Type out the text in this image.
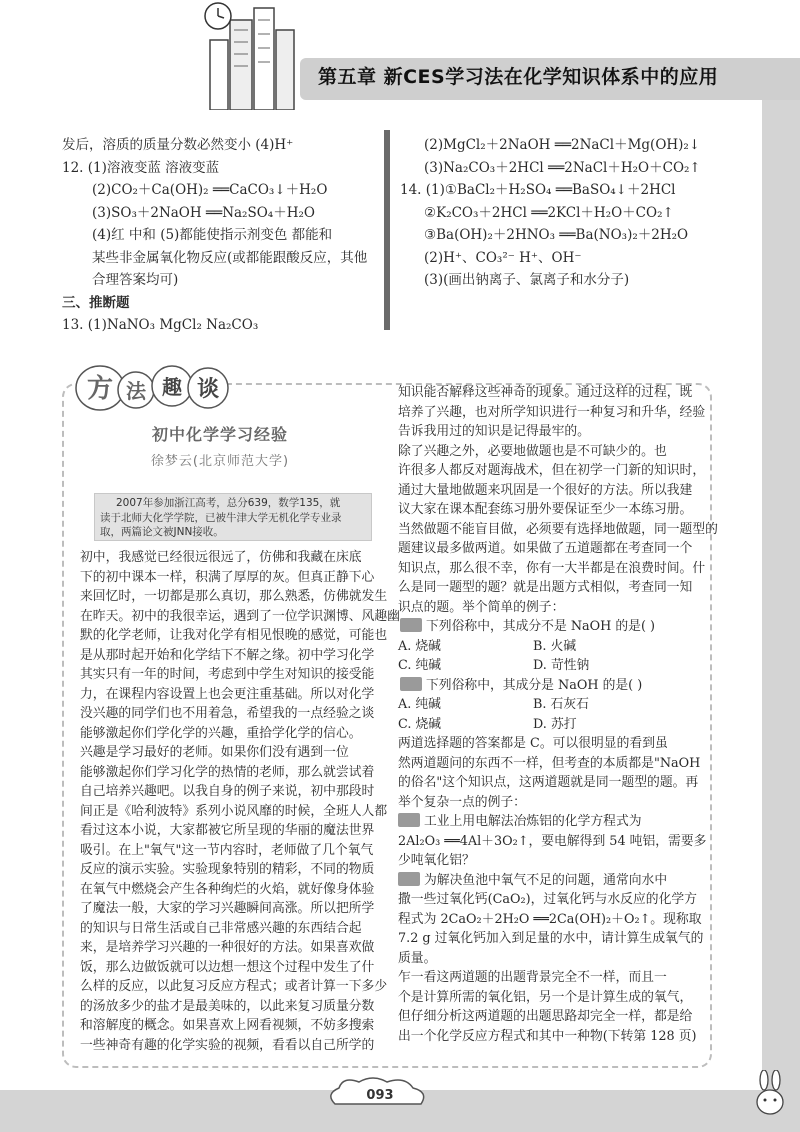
第五章 新CES学习法在化学知识体系中的应用
发后，溶质的质量分数必然变小 (4)H⁺
12. (1)溶液变蓝 溶液变蓝
(2)CO₂＋Ca(OH)₂ ══CaCO₃↓＋H₂O
(3)SO₃＋2NaOH ══Na₂SO₄＋H₂O
(4)红 中和 (5)都能使指示剂变色 都能和
某些非金属氧化物反应(或都能跟酸反应，其他
合理答案均可)
三、推断题
13. (1)NaNO₃ MgCl₂ Na₂CO₃
(2)MgCl₂＋2NaOH ══2NaCl＋Mg(OH)₂↓
(3)Na₂CO₃＋2HCl ══2NaCl＋H₂O＋CO₂↑
14. (1)①BaCl₂＋H₂SO₄ ══BaSO₄↓＋2HCl
②K₂CO₃＋2HCl ══2KCl＋H₂O＋CO₂↑
③Ba(OH)₂＋2HNO₃ ══Ba(NO₃)₂＋2H₂O
(2)H⁺、CO₃²⁻ H⁺、OH⁻
(3)(画出钠离子、氯离子和水分子)
方 法 趣 谈
初中化学学习经验
徐梦云(北京师范大学)
2007年参加浙江高考，总分639，数学135，就
读于北师大化学学院，已被牛津大学无机化学专业录
取，两篇论文被JNN接收。
初中，我感觉已经很远很远了，仿佛和我藏在床底
下的初中课本一样，积满了厚厚的灰。但真正静下心
来回忆时，一切都是那么真切，那么熟悉，仿佛就发生
在昨天。初中的我很幸运，遇到了一位学识渊博、风趣幽
默的化学老师，让我对化学有相见恨晚的感觉，可能也
是从那时起开始和化学结下不解之缘。初中学习化学
其实只有一年的时间，考虑到中学生对知识的接受能
力，在课程内容设置上也会更注重基础。所以对化学
没兴趣的同学们也不用着急，希望我的一点经验之谈
能够激起你们学化学的兴趣，重拾学化学的信心。
兴趣是学习最好的老师。如果你们没有遇到一位
能够激起你们学习化学的热情的老师，那么就尝试着
自己培养兴趣吧。以我自身的例子来说，初中那段时
间正是《哈利波特》系列小说风靡的时候，全班人人都
看过这本小说，大家都被它所呈现的华丽的魔法世界
吸引。在上"氧气"这一节内容时，老师做了几个氧气
反应的演示实验。实验现象特别的精彩，不同的物质
在氧气中燃烧会产生各种绚烂的火焰，就好像身体验
了魔法一般，大家的学习兴趣瞬间高涨。所以把所学
的知识与日常生活或自己非常感兴趣的东西结合起
来，是培养学习兴趣的一种很好的方法。如果喜欢做
饭，那么边做饭就可以边想一想这个过程中发生了什
么样的反应，以此复习反应方程式；或者计算一下多少
的汤放多少的盐才是最美味的，以此来复习质量分数
和溶解度的概念。如果喜欢上网看视频，不妨多搜索
一些神奇有趣的化学实验的视频，看看以自己所学的
知识能否解释这些神奇的现象。通过这样的过程，既
培养了兴趣，也对所学知识进行一种复习和升华，经验
告诉我用过的知识是记得最牢的。
除了兴趣之外，必要地做题也是不可缺少的。也
许很多人都反对题海战术，但在初学一门新的知识时，
通过大量地做题来巩固是一个很好的方法。所以我建
议大家在课本配套练习册外要保证至少一本练习册。
当然做题不能盲目做，必须要有选择地做题，同一题型的
题建议最多做两道。如果做了五道题都在考查同一个
知识点，那么很不幸，你有一大半都是在浪费时间。什
么是同一题型的题？就是出题方式相似，考查同一知
识点的题。举个简单的例子：
下列俗称中，其成分不是 NaOH 的是( )
A. 烧碱	B. 火碱
C. 纯碱	D. 苛性钠
下列俗称中，其成分是 NaOH 的是( )
A. 纯碱	B. 石灰石
C. 烧碱	D. 苏打
两道选择题的答案都是 C。可以很明显的看到虽
然两道题问的东西不一样，但考查的本质都是"NaOH
的俗名"这个知识点，这两道题就是同一题型的题。再
举个复杂一点的例子：
工业上用电解法冶炼铝的化学方程式为
2Al₂O₃ ══4Al＋3O₂↑，要电解得到 54 吨铝，需要多
少吨氧化铝？
为解决鱼池中氧气不足的问题，通常向水中
撒一些过氧化钙(CaO₂)，过氧化钙与水反应的化学方
程式为 2CaO₂＋2H₂O ══2Ca(OH)₂＋O₂↑。现称取
7.2 g 过氧化钙加入到足量的水中，请计算生成氧气的
质量。
乍一看这两道题的出题背景完全不一样，而且一
个是计算所需的氧化铝，另一个是计算生成的氧气，
但仔细分析这两道题的出题思路却完全一样，都是给
出一个化学反应方程式和其中一种物(下转第 128 页)
093
